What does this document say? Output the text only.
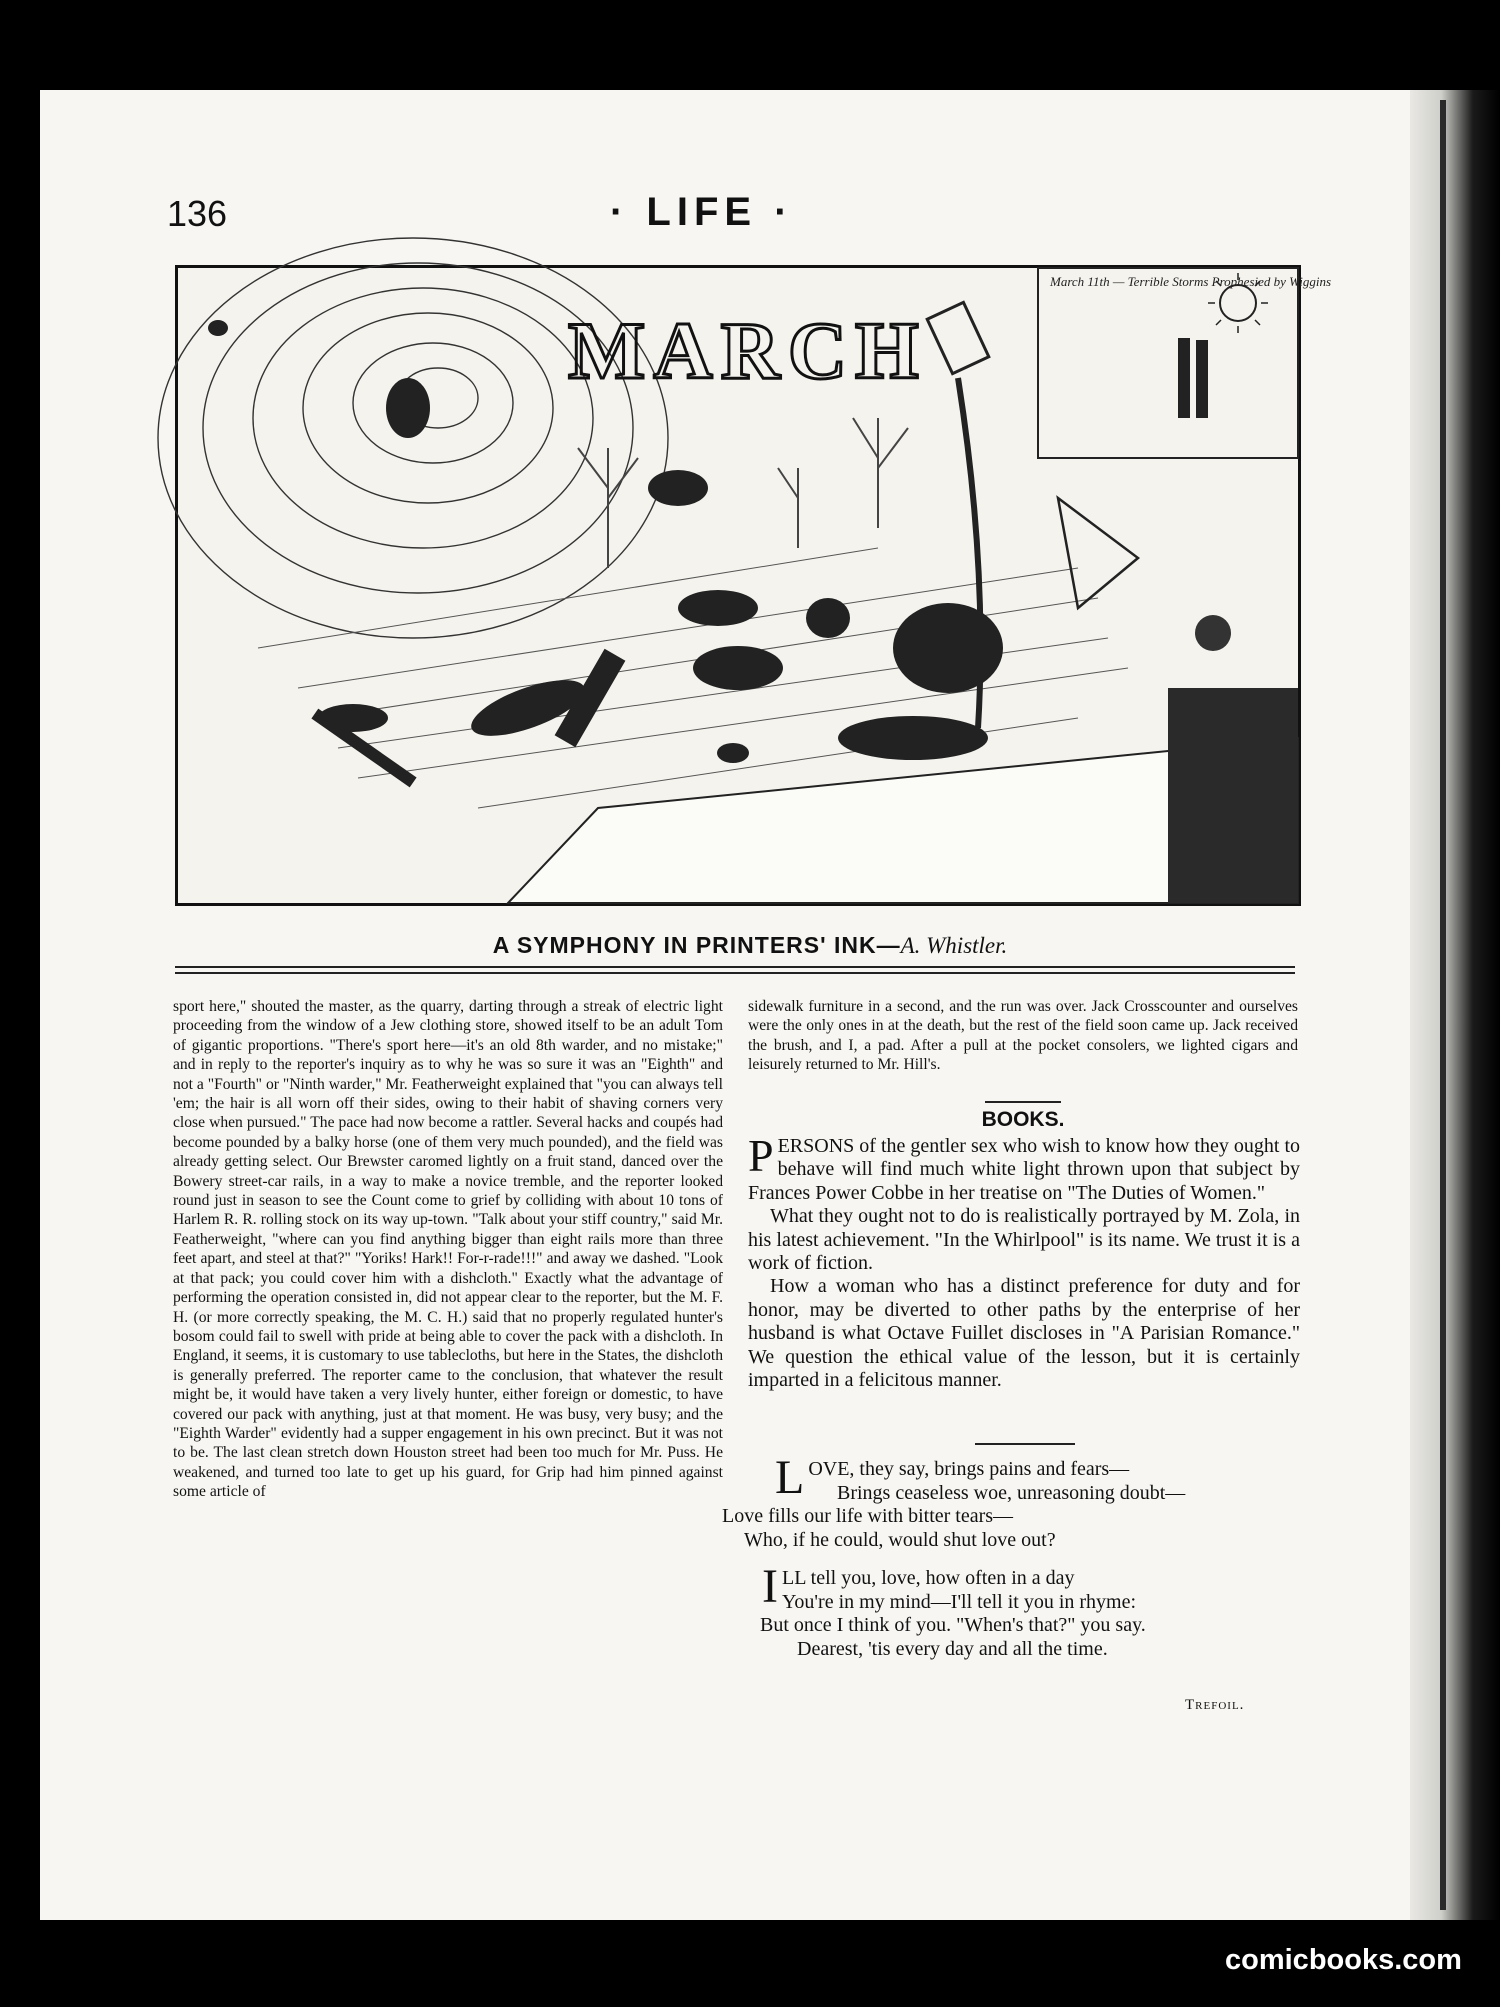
136	· LIFE ·
March 11th — Terrible Storms Prophesied by Wiggins
MARCH
A SYMPHONY IN PRINTERS' INK—A. Whistler.

sport here," shouted the master, as the quarry, darting through a streak of electric light proceeding from the window of a Jew clothing store, showed itself to be an adult Tom of gigantic proportions. "There's sport here—it's an old 8th warder, and no mistake;" and in reply to the reporter's inquiry as to why he was so sure it was an "Eighth" and not a "Fourth" or "Ninth warder," Mr. Featherweight explained that "you can always tell 'em; the hair is all worn off their sides, owing to their habit of shaving corners very close when pursued." The pace had now become a rattler. Several hacks and coupés had become pounded by a balky horse (one of them very much pounded), and the field was already getting select. Our Brewster caromed lightly on a fruit stand, danced over the Bowery street-car rails, in a way to make a novice tremble, and the reporter looked round just in season to see the Count come to grief by colliding with about 10 tons of Harlem R. R. rolling stock on its way up-town. "Talk about your stiff country," said Mr. Featherweight, "where can you find anything bigger than eight rails more than three feet apart, and steel at that?" "Yoriks! Hark!! For-r-rade!!!" and away we dashed. "Look at that pack; you could cover him with a dishcloth." Exactly what the advantage of performing the operation consisted in, did not appear clear to the reporter, but the M. F. H. (or more correctly speaking, the M. C. H.) said that no properly regulated hunter's bosom could fail to swell with pride at being able to cover the pack with a dishcloth. In England, it seems, it is customary to use tablecloths, but here in the States, the dishcloth is generally preferred. The reporter came to the conclusion, that whatever the result might be, it would have taken a very lively hunter, either foreign or domestic, to have covered our pack with anything, just at that moment. He was busy, very busy; and the "Eighth Warder" evidently had a supper engagement in his own precinct. But it was not to be. The last clean stretch down Houston street had been too much for Mr. Puss. He weakened, and turned too late to get up his guard, for Grip had him pinned against some article of

sidewalk furniture in a second, and the run was over. Jack Crosscounter and ourselves were the only ones in at the death, but the rest of the field soon came up. Jack received the brush, and I, a pad. After a pull at the pocket consolers, we lighted cigars and leisurely returned to Mr. Hill's.

BOOKS.

PERSONS of the gentler sex who wish to know how they ought to behave will find much white light thrown upon that subject by Frances Power Cobbe in her treatise on "The Duties of Women."

What they ought not to do is realistically portrayed by M. Zola, in his latest achievement. "In the Whirlpool" is its name. We trust it is a work of fiction.

How a woman who has a distinct preference for duty and for honor, may be diverted to other paths by the enterprise of her husband is what Octave Fuillet discloses in "A Parisian Romance." We question the ethical value of the lesson, but it is certainly imparted in a felicitous manner.

L OVE, they say, brings pains and fears—
Brings ceaseless woe, unreasoning doubt—
Love fills our life with bitter tears—
Who, if he could, would shut love out?
I LL tell you, love, how often in a day
You're in my mind—I'll tell it you in rhyme:
But once I think of you. "When's that?" you say.
Dearest, 'tis every day and all the time.
Trefoil.
comicbooks.com
